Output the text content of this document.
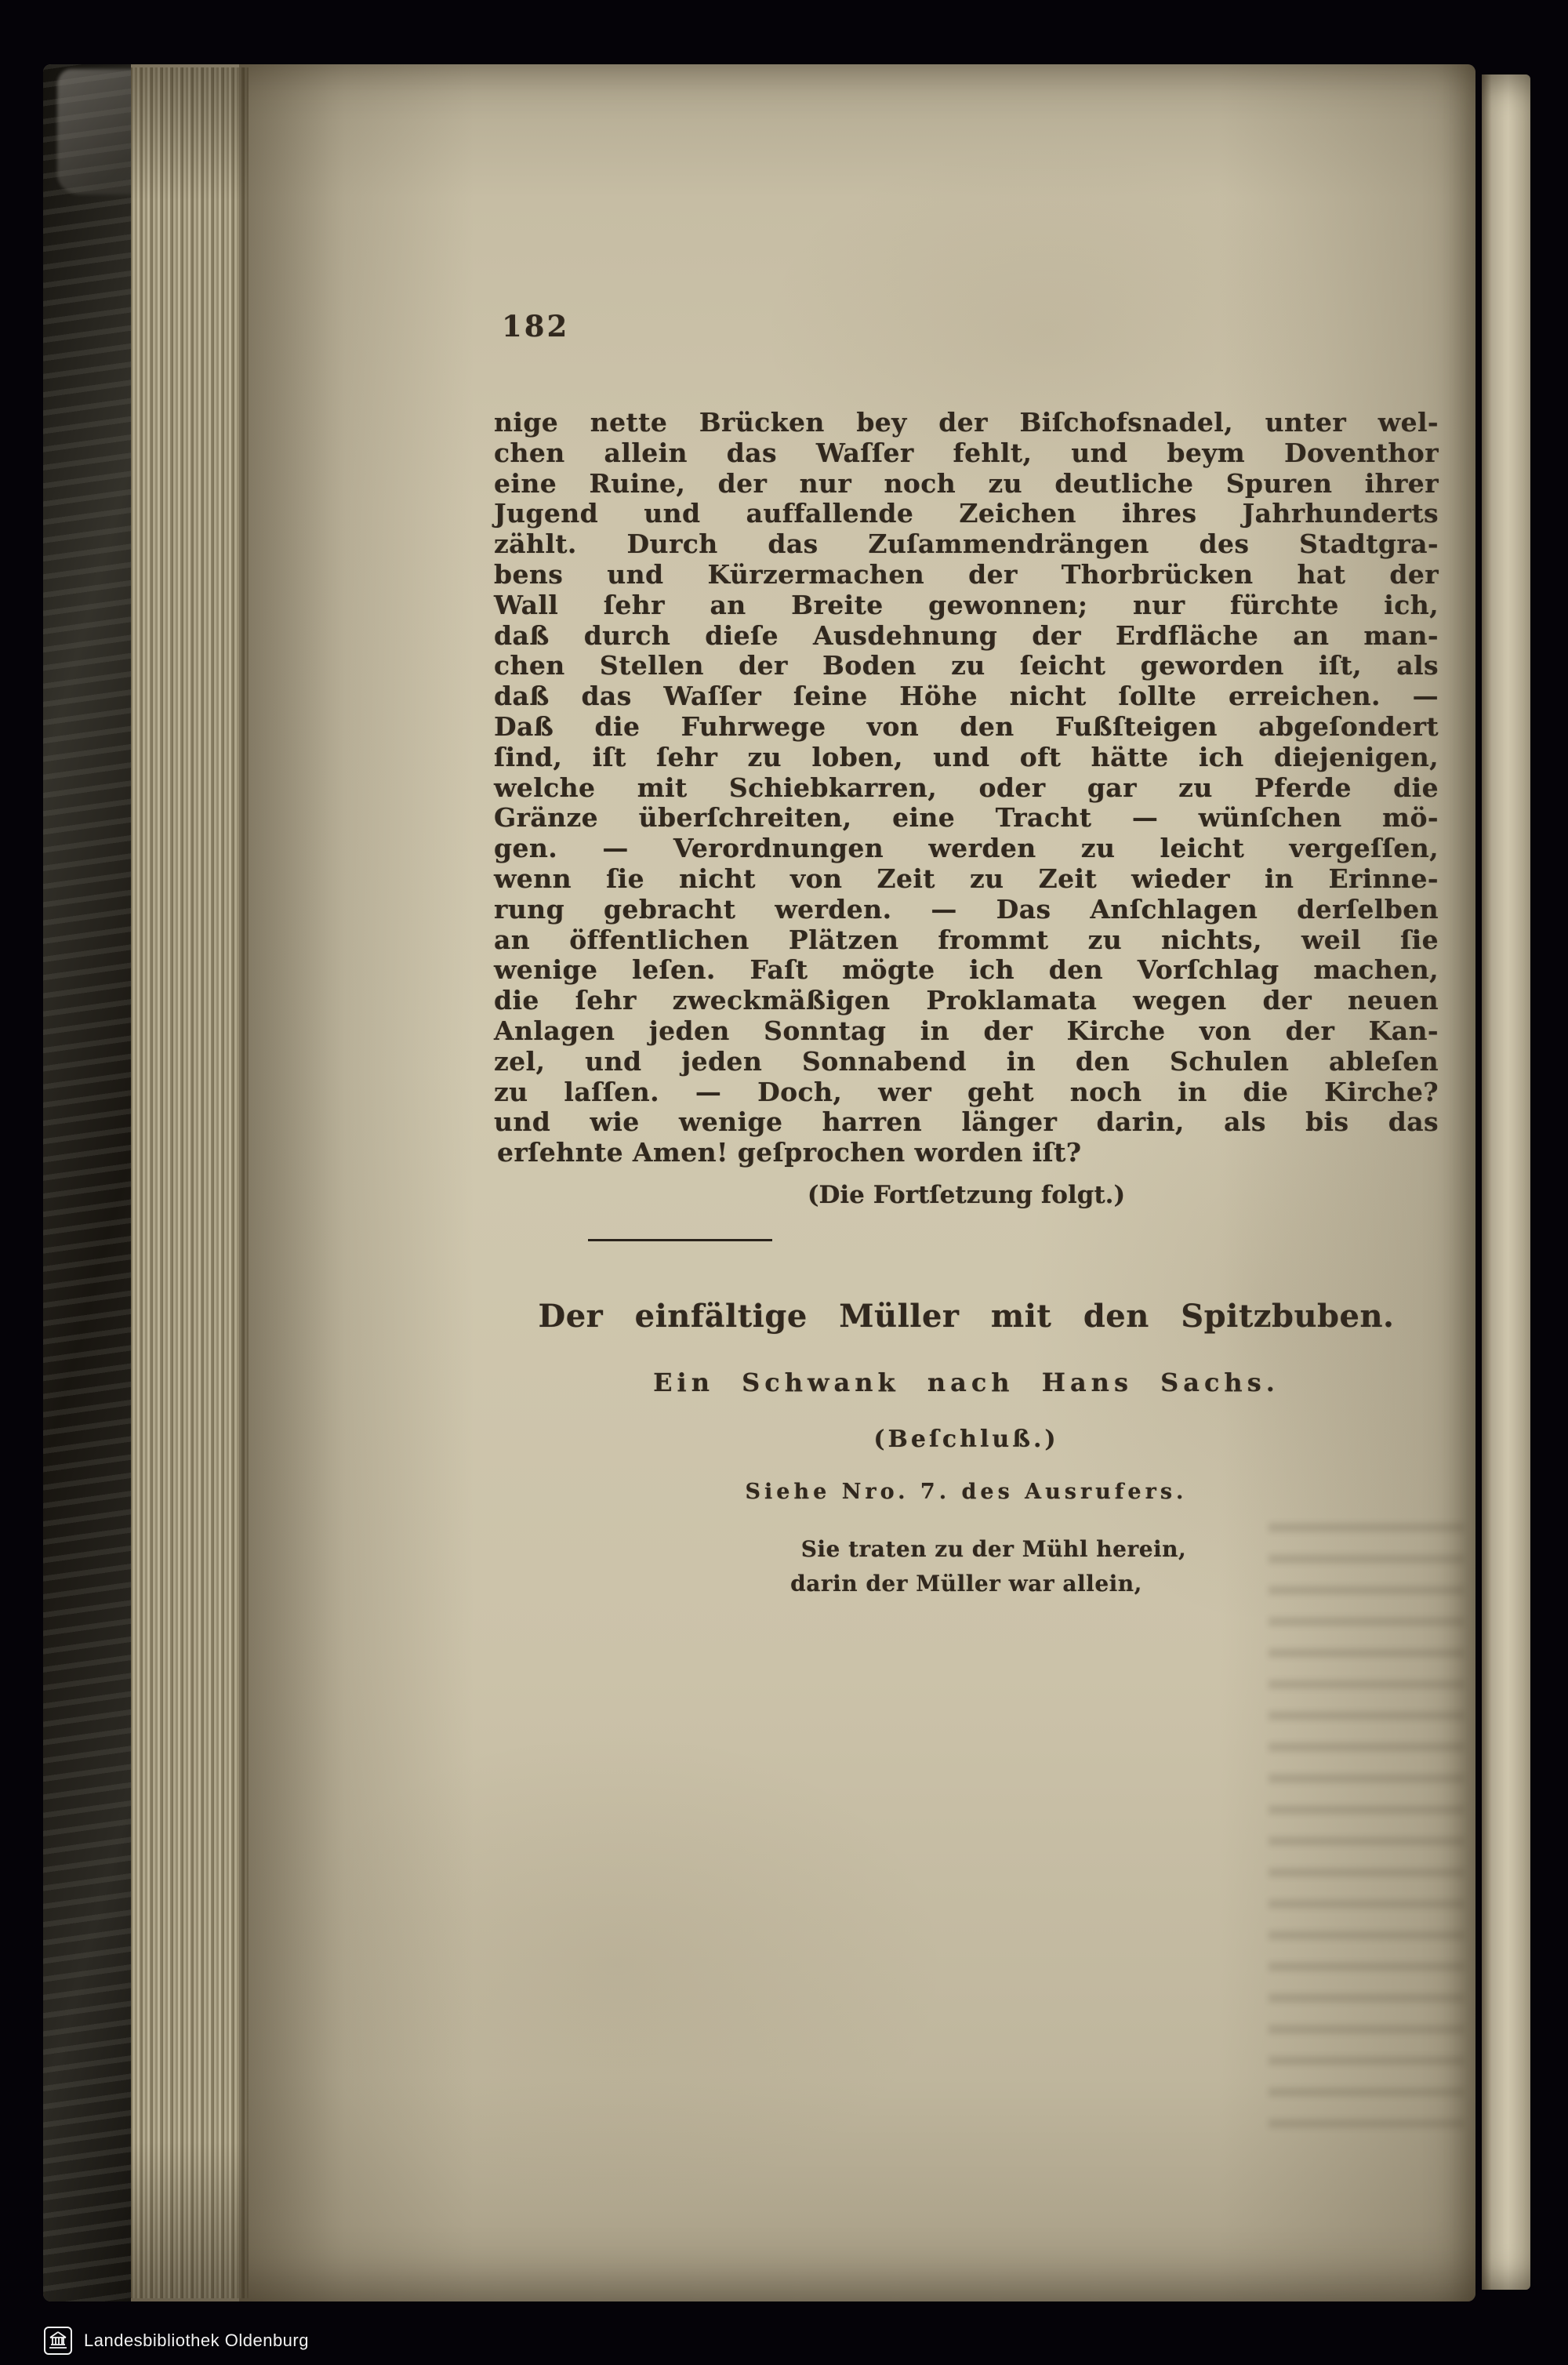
182
nige nette Brücken bey der Biſchofsnadel, unter wel-
chen allein das Waſſer fehlt, und beym Doventhor
eine Ruine, der nur noch zu deutliche Spuren ihrer
Jugend und auffallende Zeichen ihres Jahrhunderts
zählt. Durch das Zuſammendrängen des Stadtgra-
bens und Kürzermachen der Thorbrücken hat der
Wall ſehr an Breite gewonnen; nur fürchte ich,
daß durch dieſe Ausdehnung der Erdfläche an man-
chen Stellen der Boden zu ſeicht geworden iſt, als
daß das Waſſer ſeine Höhe nicht ſollte erreichen. —
Daß die Fuhrwege von den Fußſteigen abgeſondert
ſind, iſt ſehr zu loben, und oft hätte ich diejenigen,
welche mit Schiebkarren, oder gar zu Pferde die
Gränze überſchreiten, eine Tracht — wünſchen mö-
gen. — Verordnungen werden zu leicht vergeſſen,
wenn ſie nicht von Zeit zu Zeit wieder in Erinne-
rung gebracht werden. — Das Anſchlagen derſelben
an öffentlichen Plätzen frommt zu nichts, weil ſie
wenige leſen. Faſt mögte ich den Vorſchlag machen,
die ſehr zweckmäßigen Proklamata wegen der neuen
Anlagen jeden Sonntag in der Kirche von der Kan-
zel, und jeden Sonnabend in den Schulen ableſen
zu laſſen. — Doch, wer geht noch in die Kirche?
und wie wenige harren länger darin, als bis das
erſehnte Amen! geſprochen worden iſt?
(Die Fortſetzung folgt.)
Der einfältige Müller mit den Spitzbuben.
Ein Schwank nach Hans Sachs.
(Beſchluß.)
Siehe Nro. 7. des Ausrufers.
Sie traten zu der Mühl herein,
darin der Müller war allein,
Landesbibliothek Oldenburg
